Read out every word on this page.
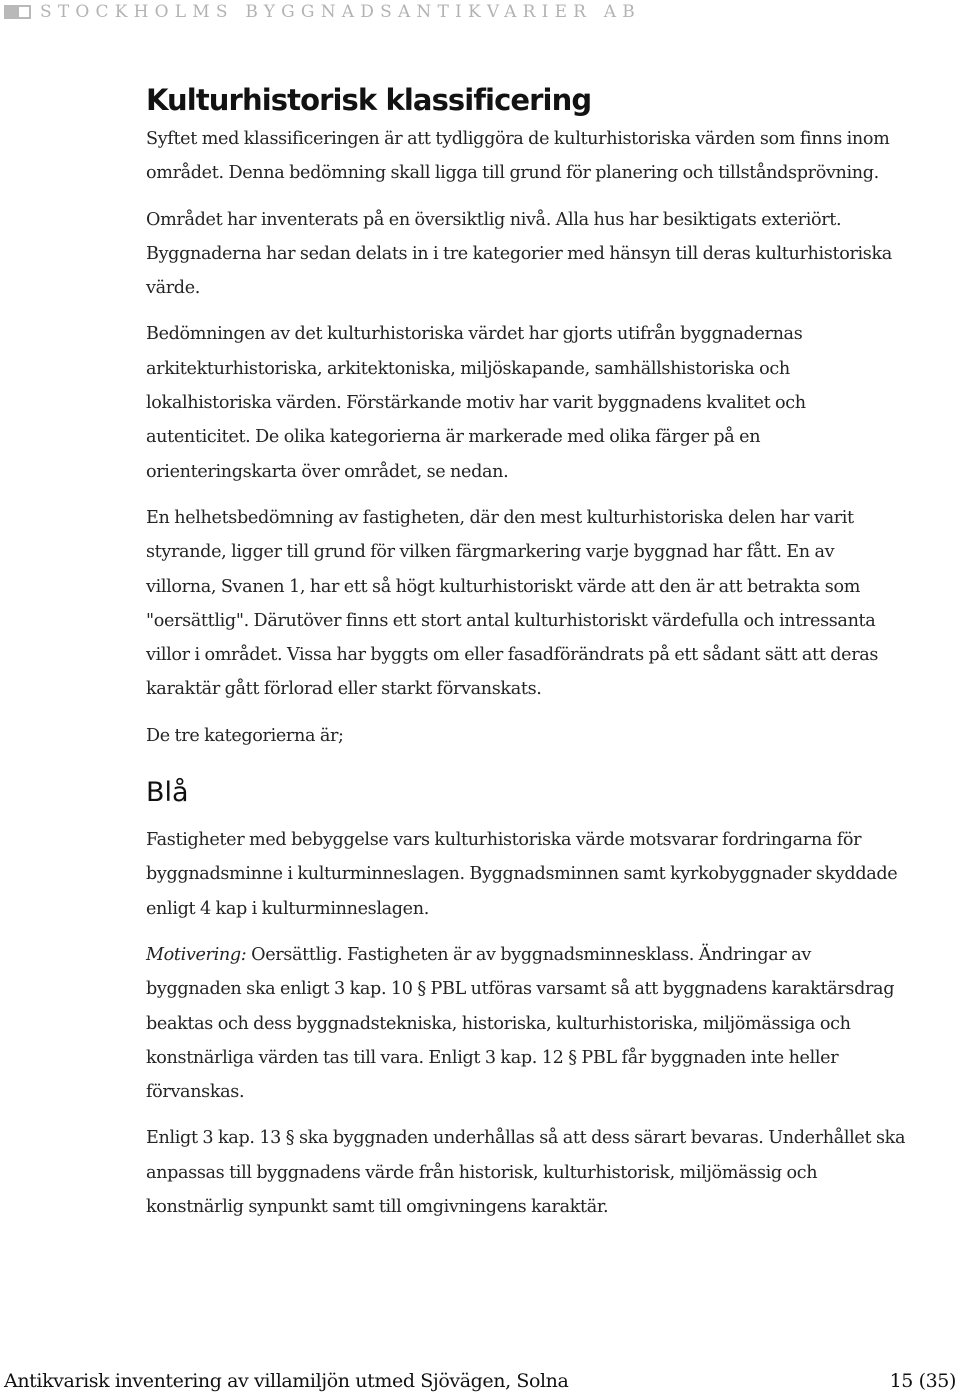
STOCKHOLMS BYGGNADSANTIKVARIER AB
Kulturhistorisk klassificering

Syftet med klassificeringen är att tydliggöra de kulturhistoriska värden som finns inom området. Denna bedömning skall ligga till grund för planering och tillståndsprövning.

Området har inventerats på en översiktlig nivå. Alla hus har besiktigats exteriört. Byggnaderna har sedan delats in i tre kategorier med hänsyn till deras kulturhistoriska värde.

Bedömningen av det kulturhistoriska värdet har gjorts utifrån byggnadernas arkitekturhistoriska, arkitektoniska, miljöskapande, samhällshistoriska och lokalhistoriska värden. Förstärkande motiv har varit byggnadens kvalitet och autenticitet. De olika kategorierna är markerade med olika färger på en orienteringskarta över området, se nedan.

En helhetsbedömning av fastigheten, där den mest kulturhistoriska delen har varit styrande, ligger till grund för vilken färgmarkering varje byggnad har fått. En av villorna, Svanen 1, har ett så högt kulturhistoriskt värde att den är att betrakta som "oersättlig". Därutöver finns ett stort antal kulturhistoriskt värdefulla och intressanta villor i området. Vissa har byggts om eller fasadförändrats på ett sådant sätt att deras karaktär gått förlorad eller starkt förvanskats.

De tre kategorierna är;

Blå

Fastigheter med bebyggelse vars kulturhistoriska värde motsvarar fordringarna för byggnadsminne i kulturminneslagen. Byggnadsminnen samt kyrkobyggnader skyddade enligt 4 kap i kulturminneslagen.

Motivering: Oersättlig. Fastigheten är av byggnadsminnesklass. Ändringar av byggnaden ska enligt 3 kap. 10 § PBL utföras varsamt så att byggnadens karaktärsdrag beaktas och dess byggnadstekniska, historiska, kulturhistoriska, miljömässiga och konstnärliga värden tas till vara. Enligt 3 kap. 12 § PBL får byggnaden inte heller förvanskas.

Enligt 3 kap. 13 § ska byggnaden underhållas så att dess särart bevaras. Underhållet ska anpassas till byggnadens värde från historisk, kulturhistorisk, miljömässig och konstnärlig synpunkt samt till omgivningens karaktär.

Antikvarisk inventering av villamiljön utmed Sjövägen, Solna	15 (35)
